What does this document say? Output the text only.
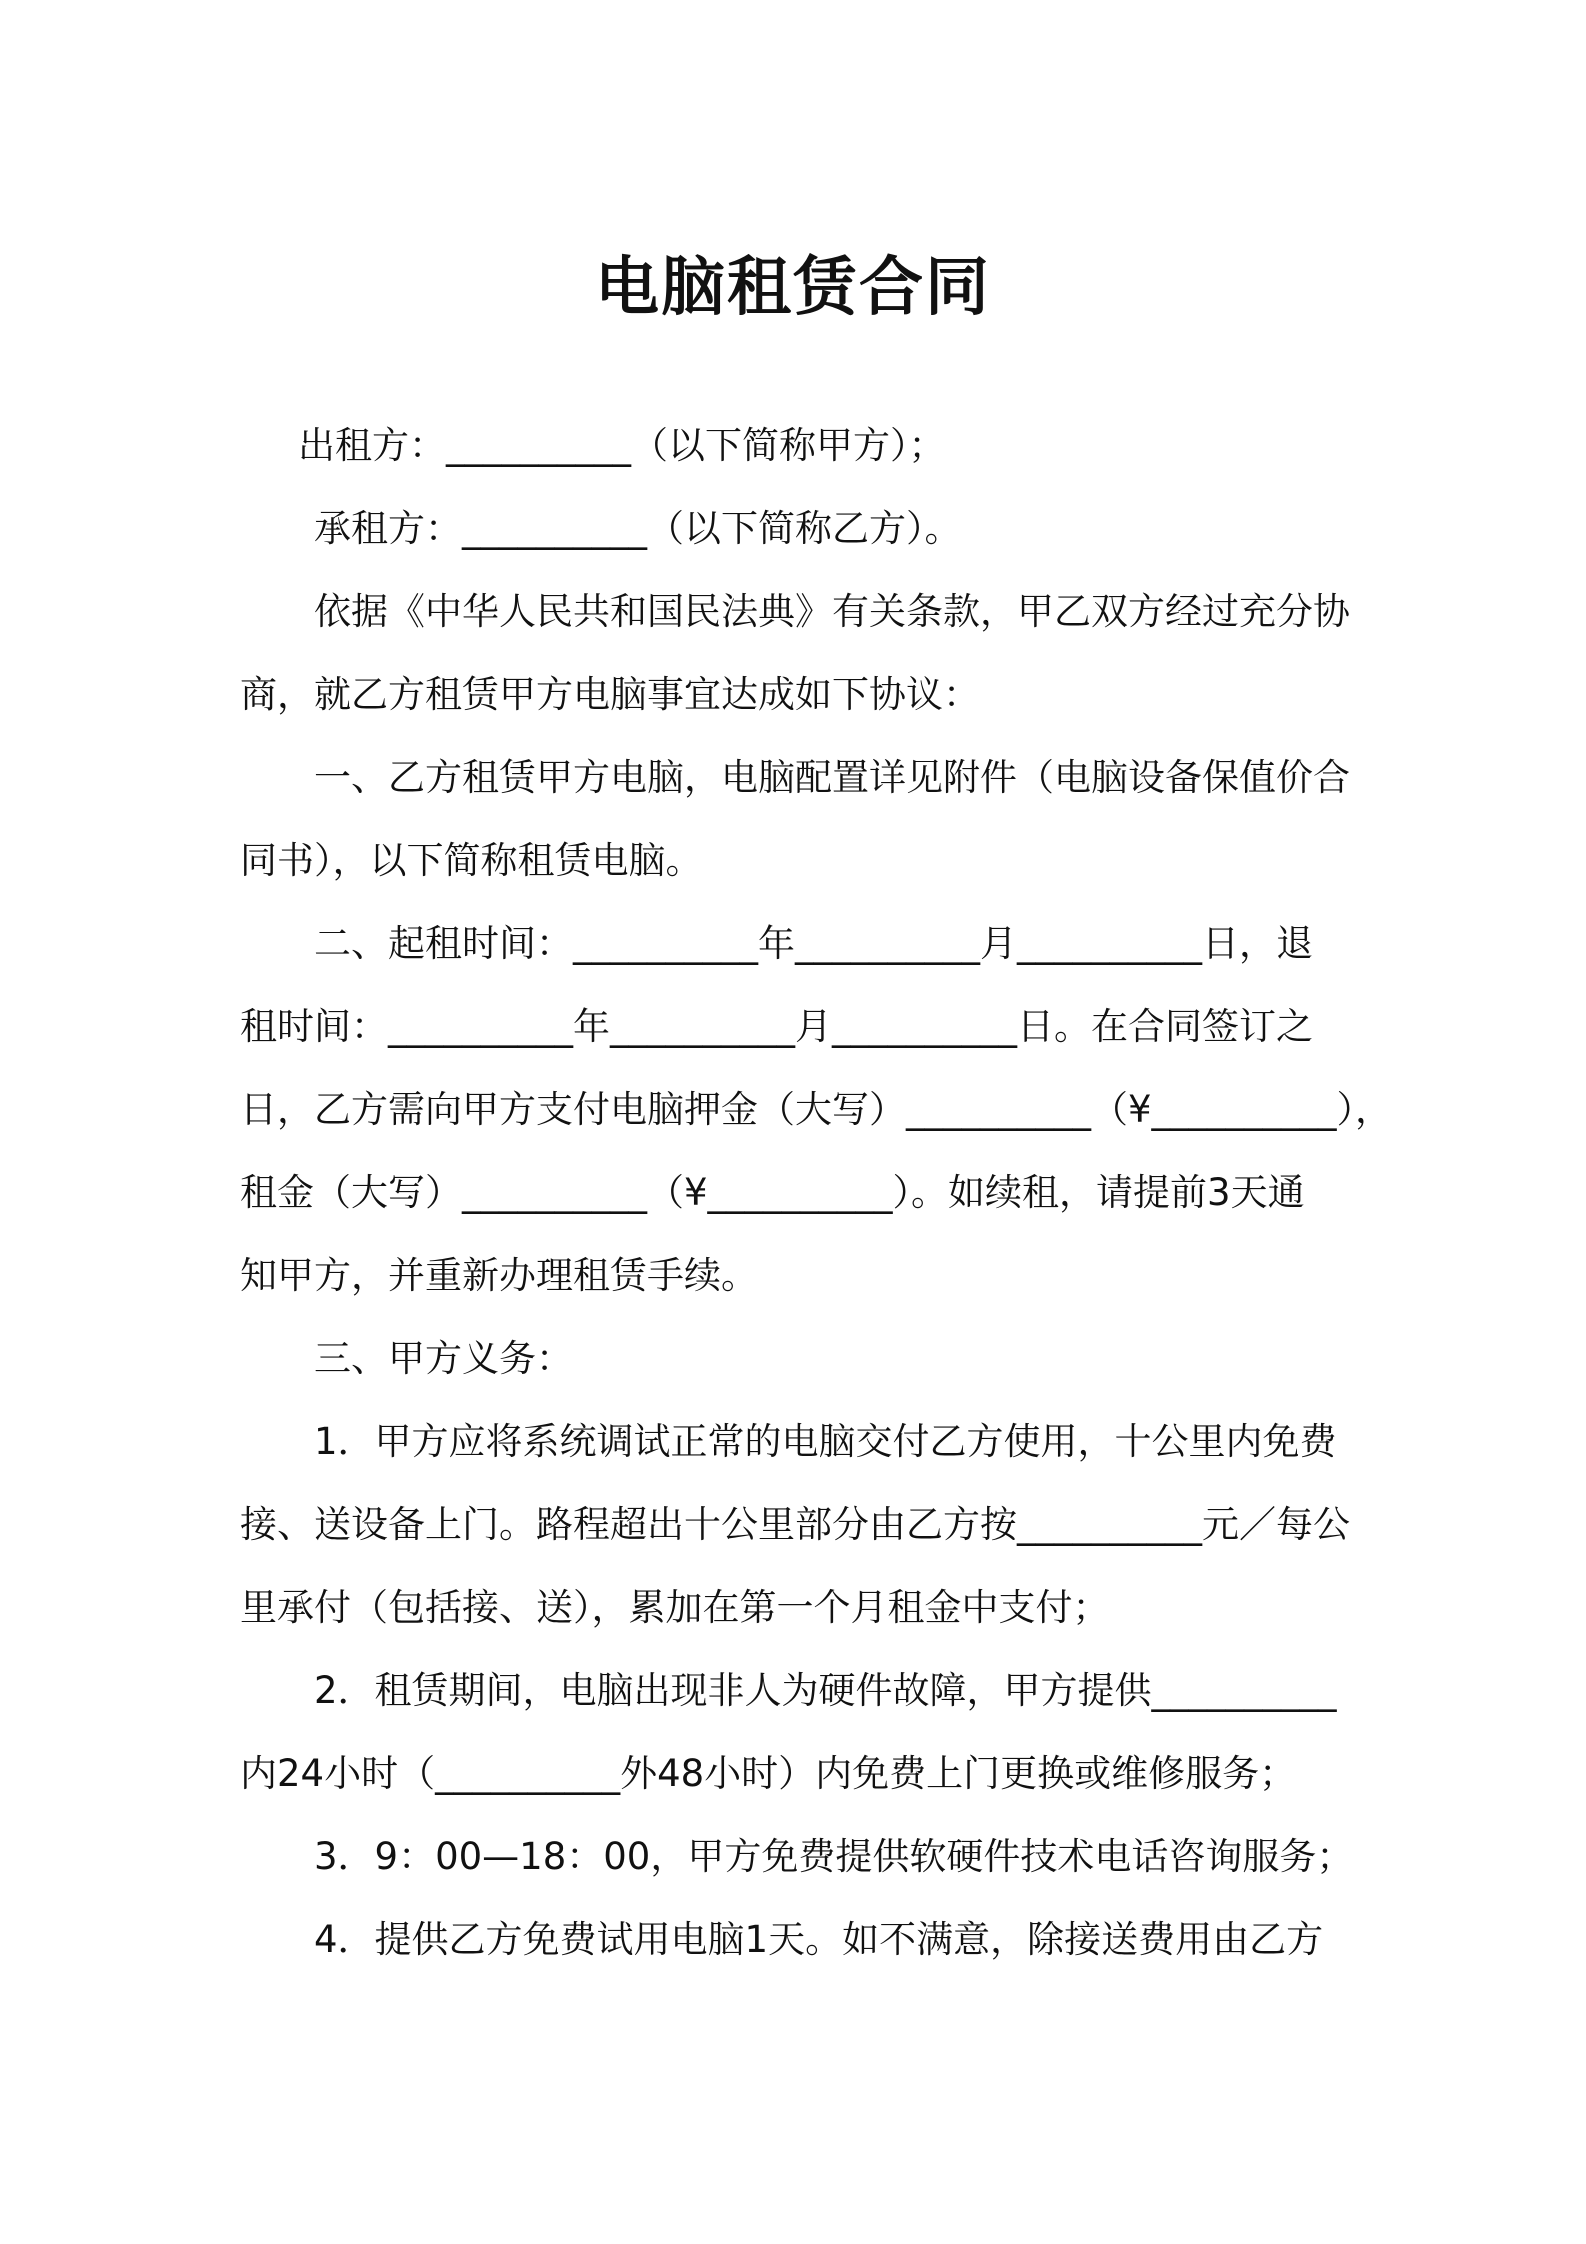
电脑租赁合同
出租方：__________（以下简称甲方）；
承租方：__________（以下简称乙方）。
依据《中华人民共和国民法典》有关条款，甲乙双方经过充分协
商，就乙方租赁甲方电脑事宜达成如下协议：
一、乙方租赁甲方电脑，电脑配置详见附件（电脑设备保值价合
同书），以下简称租赁电脑。
二、起租时间：__________年__________月__________日，退
租时间：__________年__________月__________日。在合同签订之
日，乙方需向甲方支付电脑押金（大写）__________（¥__________），
租金（大写）__________（¥__________）。如续租，请提前3天通
知甲方，并重新办理租赁手续。
三、甲方义务：
1．甲方应将系统调试正常的电脑交付乙方使用，十公里内免费
接、送设备上门。路程超出十公里部分由乙方按__________元／每公
里承付（包括接、送），累加在第一个月租金中支付；
2．租赁期间，电脑出现非人为硬件故障，甲方提供__________
内24小时（__________外48小时）内免费上门更换或维修服务；
3．9：00—18：00，甲方免费提供软硬件技术电话咨询服务；
4．提供乙方免费试用电脑1天。如不满意，除接送费用由乙方
